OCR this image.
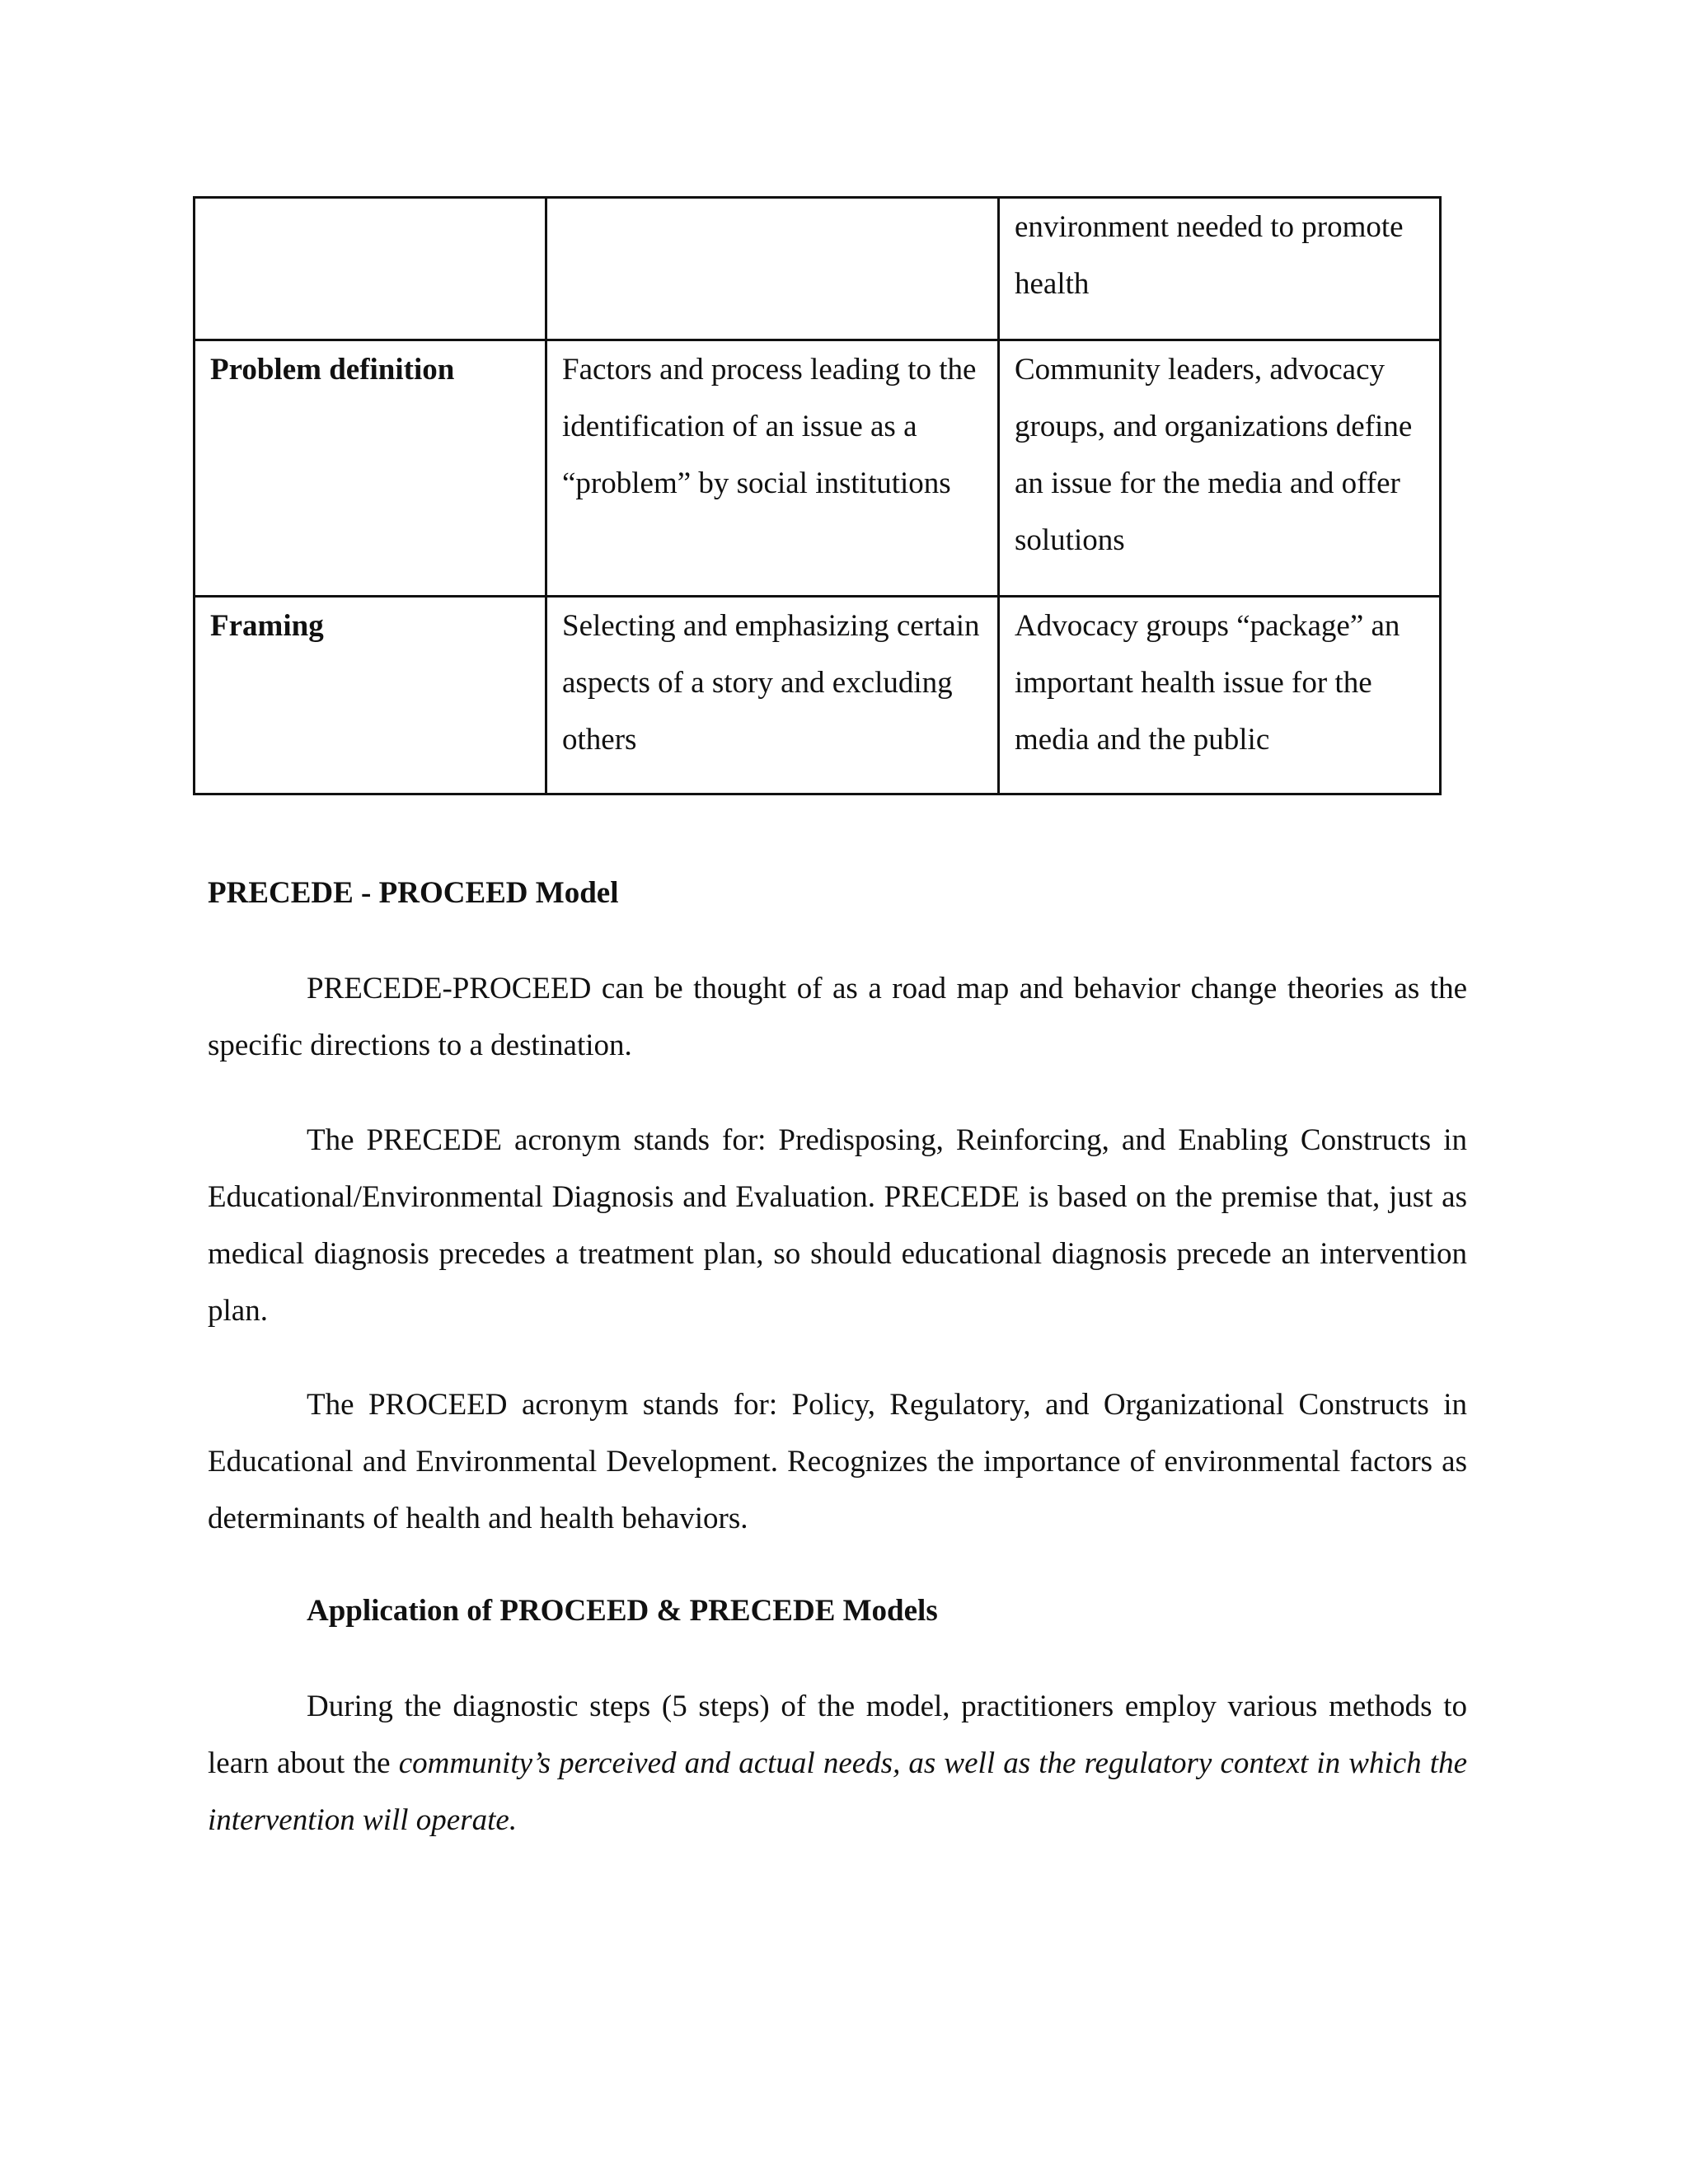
		environment needed to promote health

Problem definition	Factors and process leading to the identification of an issue as a “problem” by social institutions	Community leaders, advocacy groups, and organizations define an issue for the media and offer solutions

Framing	Selecting and emphasizing certain aspects of a story and excluding others	Advocacy groups “package” an important health issue for the media and the public
PRECEDE - PROCEED Model

PRECEDE-PROCEED can be thought of as a road map and behavior change theories as the specific directions to a destination.

The PRECEDE acronym stands for: Predisposing, Reinforcing, and Enabling Constructs in Educational/Environmental Diagnosis and Evaluation. PRECEDE is based on the premise that, just as medical diagnosis precedes a treatment plan, so should educational diagnosis precede an intervention plan.

The PROCEED acronym stands for: Policy, Regulatory, and Organizational Constructs in Educational and Environmental Development. Recognizes the importance of environmental factors as determinants of health and health behaviors.

Application of PROCEED & PRECEDE Models

During the diagnostic steps (5 steps) of the model, practitioners employ various methods to learn about the community’s perceived and actual needs, as well as the regulatory context in which the intervention will operate.
